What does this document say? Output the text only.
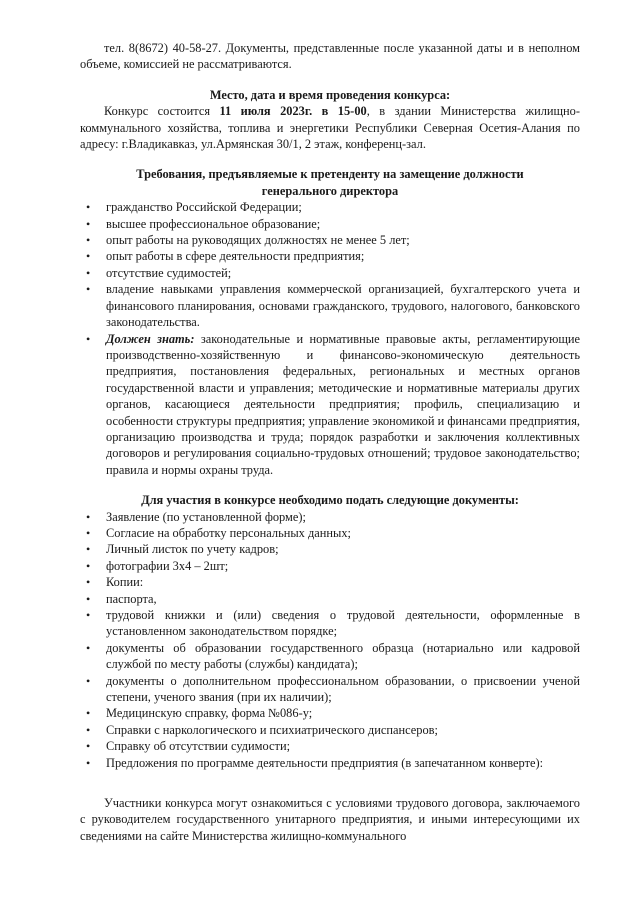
тел. 8(8672) 40-58-27. Документы, представленные после указанной даты и в неполном объеме, комиссией не рассматриваются.

Место, дата и время проведения конкурса:

Конкурс состоится 11 июля 2023г. в 15-00, в здании Министерства жилищно-коммунального хозяйства, топлива и энергетики Республики Северная Осетия-Алания по адресу: г.Владикавказ, ул.Армянская 30/1, 2 этаж, конференц-зал.

Требования, предъявляемые к претенденту на замещение должности генерального директора

• гражданство Российской Федерации;
• высшее профессиональное образование;
• опыт работы на руководящих должностях не менее 5 лет;
• опыт работы в сфере деятельности предприятия;
• отсутствие судимостей;
• владение навыками управления коммерческой организацией, бухгалтерского учета и финансового планирования, основами гражданского, трудового, налогового, банковского законодательства.
• Должен знать: законодательные и нормативные правовые акты, регламентирующие производственно-хозяйственную и финансово-экономическую деятельность предприятия, постановления федеральных, региональных и местных органов государственной власти и управления; методические и нормативные материалы других органов, касающиеся деятельности предприятия; профиль, специализацию и особенности структуры предприятия; управление экономикой и финансами предприятия, организацию производства и труда; порядок разработки и заключения коллективных договоров и регулирования социально-трудовых отношений; трудовое законодательство; правила и нормы охраны труда.

Для участия в конкурсе необходимо подать следующие документы:

• Заявление (по установленной форме);
• Согласие на обработку персональных данных;
• Личный листок по учету кадров;
• фотографии 3х4 – 2шт;
• Копии:
• паспорта,
• трудовой книжки и (или) сведения о трудовой деятельности, оформленные в установленном законодательством порядке;
• документы об образовании государственного образца (нотариально или кадровой службой по месту работы (службы) кандидата);
• документы о дополнительном профессиональном образовании, о присвоении ученой степени, ученого звания (при их наличии);
• Медицинскую справку, форма №086-у;
• Справки с наркологического и психиатрического диспансеров;
• Справку об отсутствии судимости;
• Предложения по программе деятельности предприятия (в запечатанном конверте):

Участники конкурса могут ознакомиться с условиями трудового договора, заключаемого с руководителем государственного унитарного предприятия, и иными интересующими их сведениями на сайте Министерства жилищно-коммунального
